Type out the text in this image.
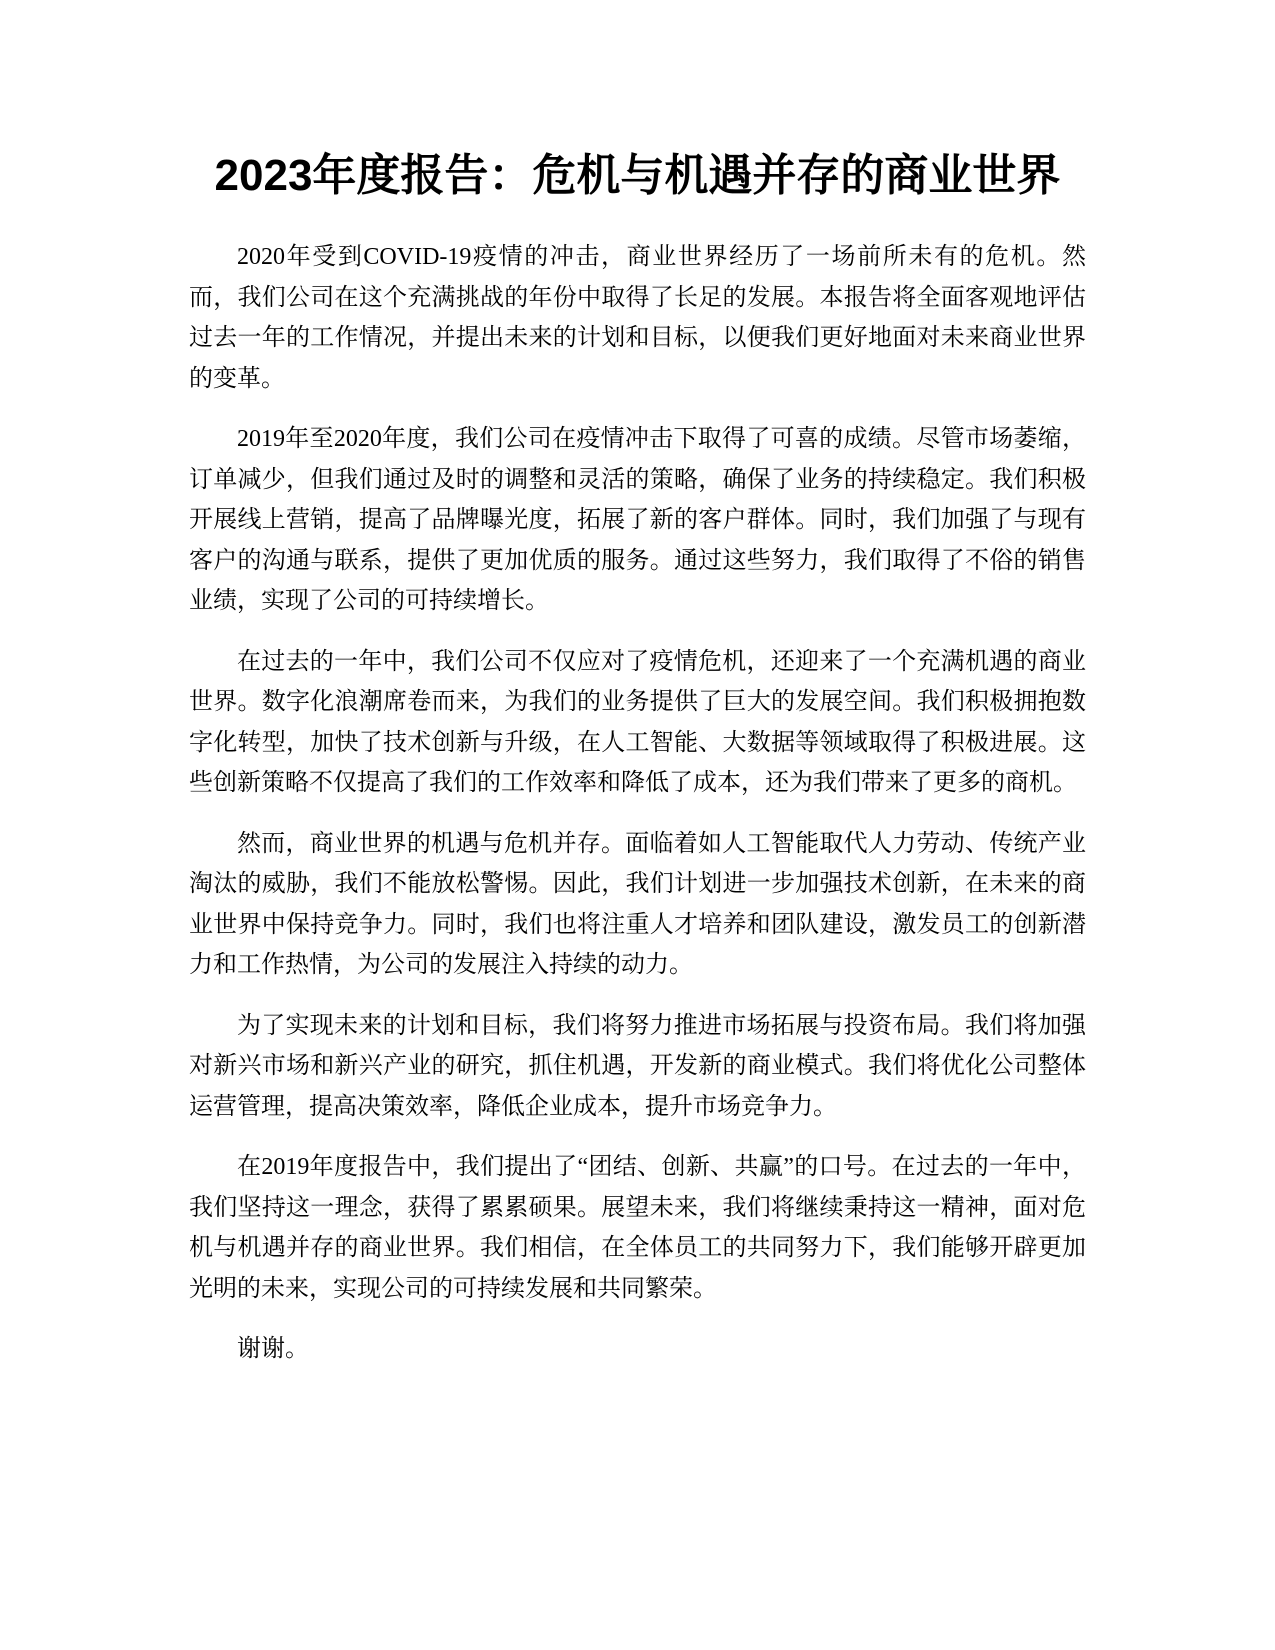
2023年度报告：危机与机遇并存的商业世界

2020年受到COVID-19疫情的冲击，商业世界经历了一场前所未有的危机。然而，我们公司在这个充满挑战的年份中取得了长足的发展。本报告将全面客观地评估过去一年的工作情况，并提出未来的计划和目标，以便我们更好地面对未来商业世界的变革。

2019年至2020年度，我们公司在疫情冲击下取得了可喜的成绩。尽管市场萎缩，订单减少，但我们通过及时的调整和灵活的策略，确保了业务的持续稳定。我们积极开展线上营销，提高了品牌曝光度，拓展了新的客户群体。同时，我们加强了与现有客户的沟通与联系，提供了更加优质的服务。通过这些努力，我们取得了不俗的销售业绩，实现了公司的可持续增长。

在过去的一年中，我们公司不仅应对了疫情危机，还迎来了一个充满机遇的商业世界。数字化浪潮席卷而来，为我们的业务提供了巨大的发展空间。我们积极拥抱数字化转型，加快了技术创新与升级，在人工智能、大数据等领域取得了积极进展。这些创新策略不仅提高了我们的工作效率和降低了成本，还为我们带来了更多的商机。

然而，商业世界的机遇与危机并存。面临着如人工智能取代人力劳动、传统产业淘汰的威胁，我们不能放松警惕。因此，我们计划进一步加强技术创新，在未来的商业世界中保持竞争力。同时，我们也将注重人才培养和团队建设，激发员工的创新潜力和工作热情，为公司的发展注入持续的动力。

为了实现未来的计划和目标，我们将努力推进市场拓展与投资布局。我们将加强对新兴市场和新兴产业的研究，抓住机遇，开发新的商业模式。我们将优化公司整体运营管理，提高决策效率，降低企业成本，提升市场竞争力。

在2019年度报告中，我们提出了“团结、创新、共赢”的口号。在过去的一年中，我们坚持这一理念，获得了累累硕果。展望未来，我们将继续秉持这一精神，面对危机与机遇并存的商业世界。我们相信，在全体员工的共同努力下，我们能够开辟更加光明的未来，实现公司的可持续发展和共同繁荣。

谢谢。
